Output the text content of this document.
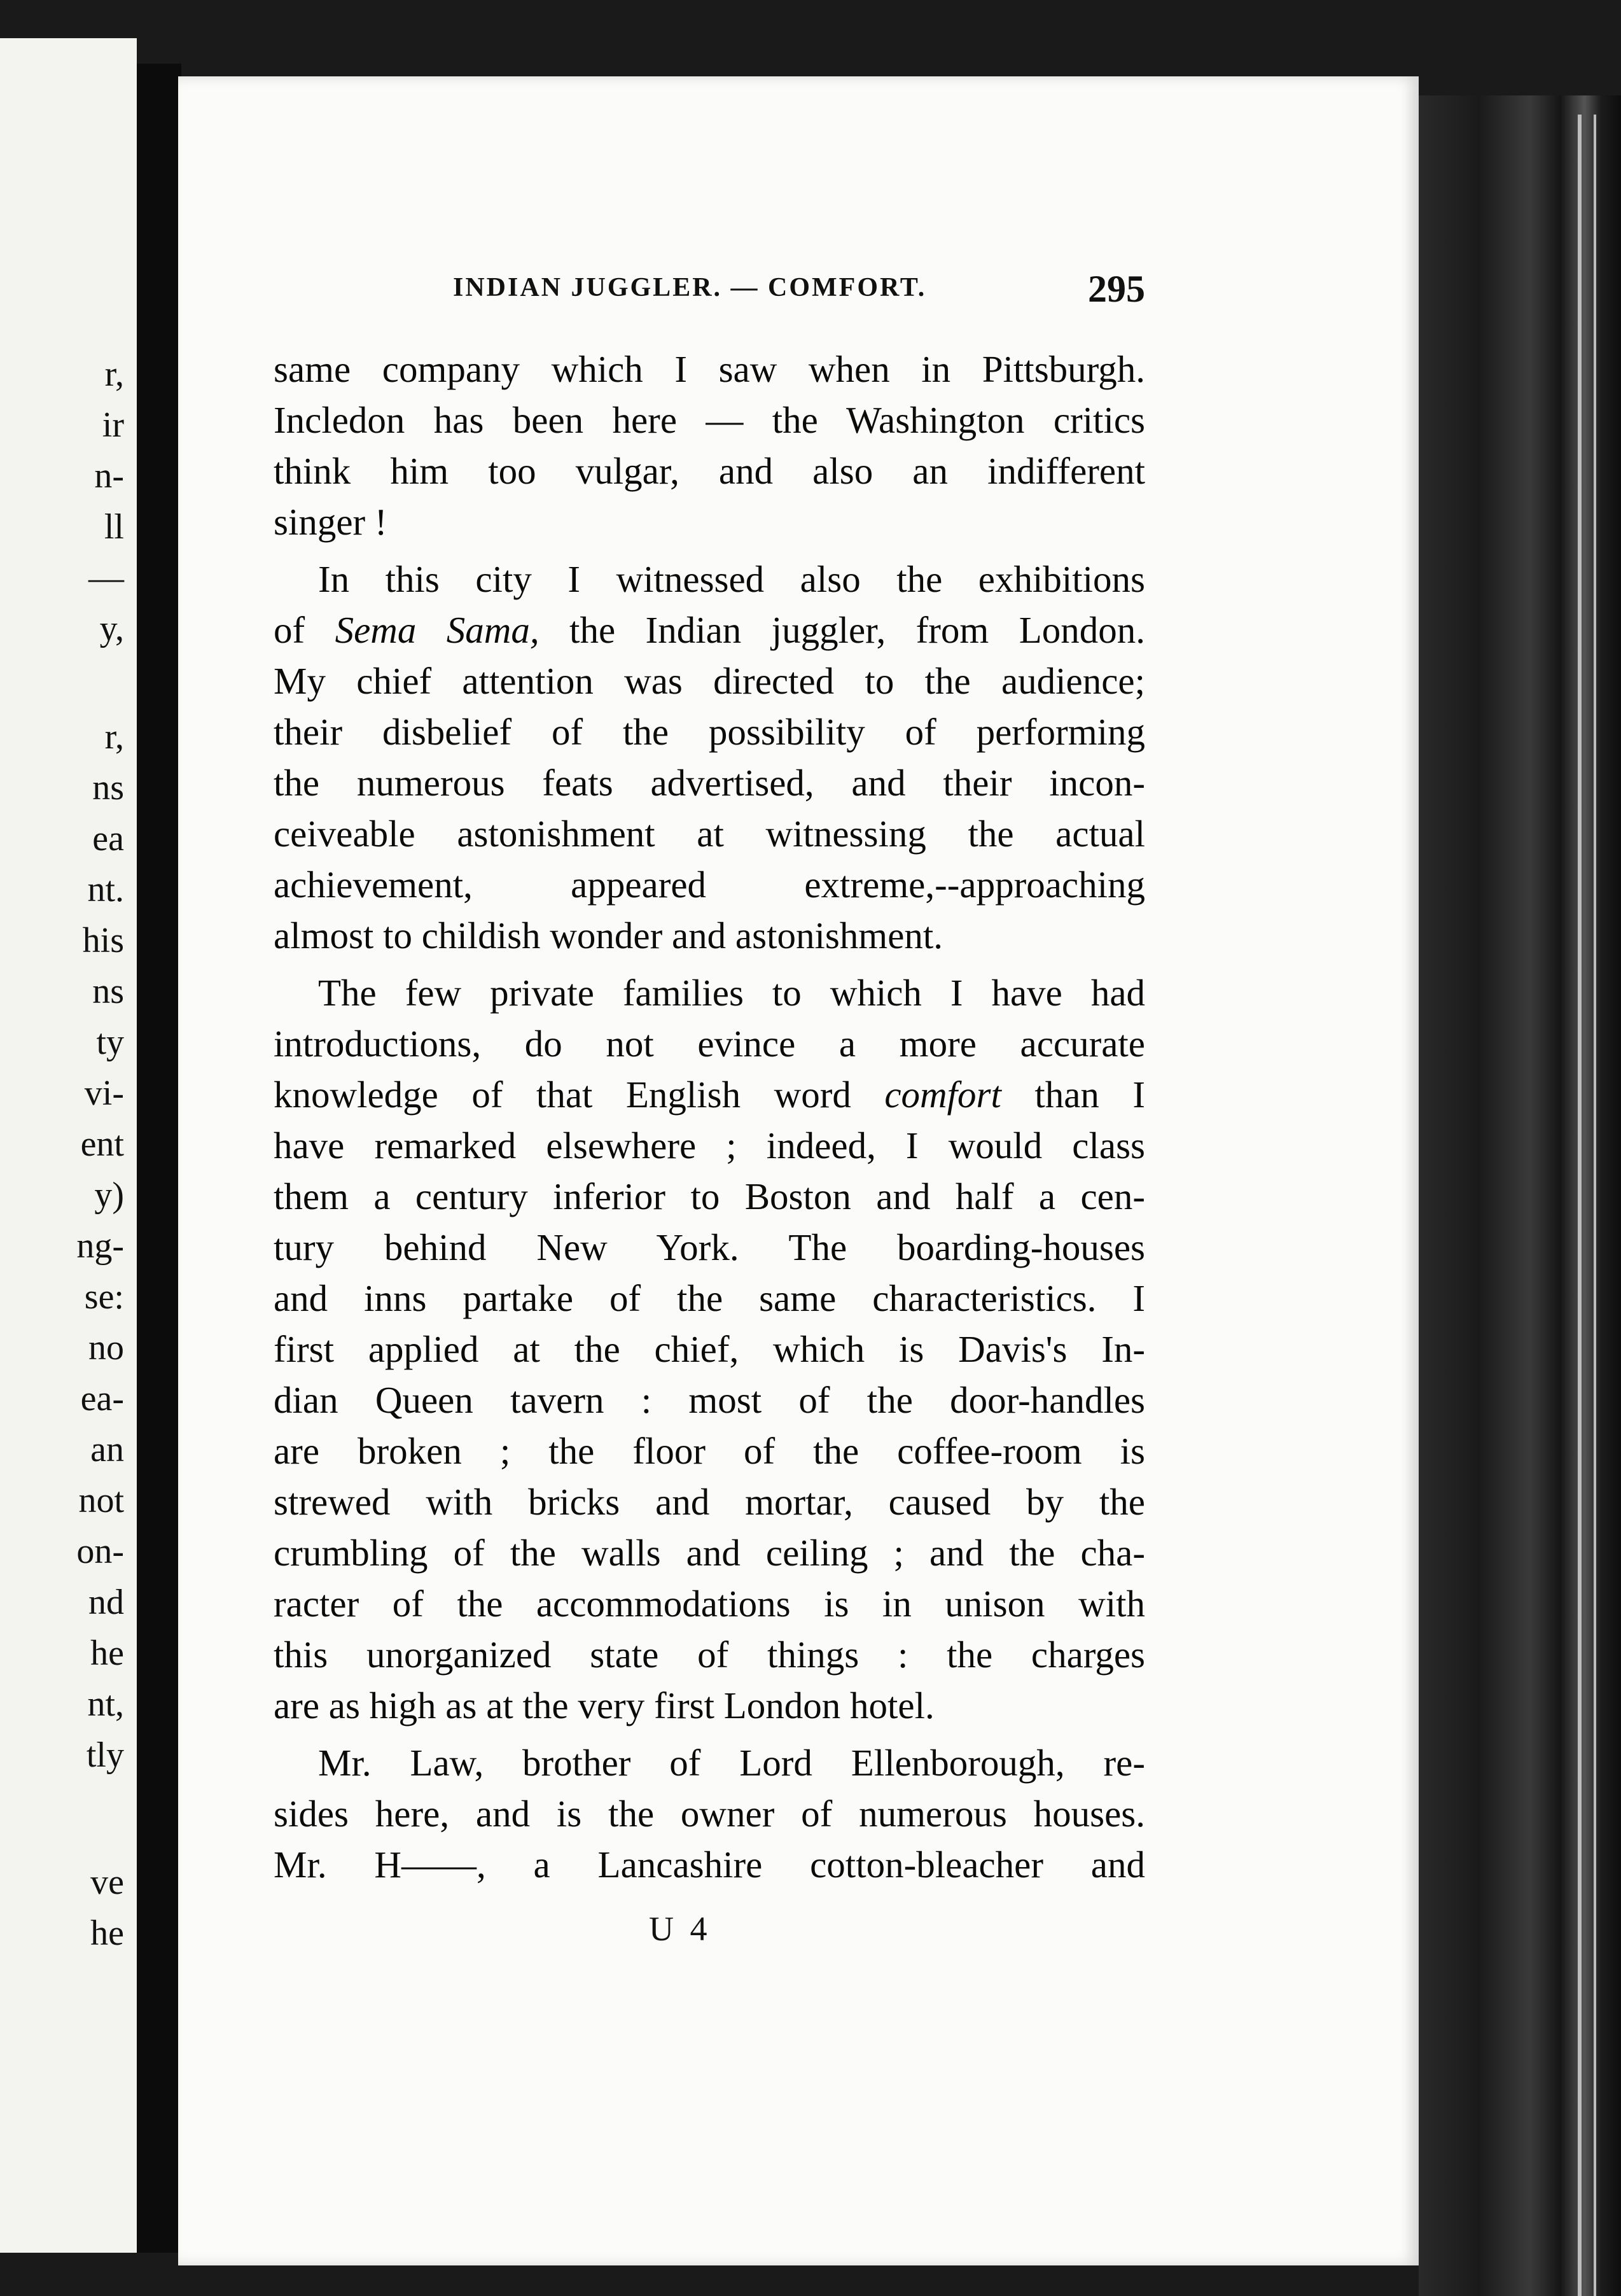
r,
ir
n-
ll
—
y,
r,
ns
ea
nt.
his
ns
ty
vi-
ent
y)
ng-
se:
no
ea-
an
not
on-
nd
he
nt,
tly
ve
he
INDIAN JUGGLER. — COMFORT.	295
same company which I saw when in Pittsburgh.
Incledon has been here — the Washington critics
think him too vulgar, and also an indifferent
singer !
In this city I witnessed also the exhibitions
of Sema Sama, the Indian juggler, from London.
My chief attention was directed to the audience;
their disbelief of the possibility of performing
the numerous feats advertised, and their incon-
ceiveable astonishment at witnessing the actual
achievement, appeared extreme,--approaching
almost to childish wonder and astonishment.
The few private families to which I have had
introductions, do not evince a more accurate
knowledge of that English word comfort than I
have remarked elsewhere ; indeed, I would class
them a century inferior to Boston and half a cen-
tury behind New York. The boarding-houses
and inns partake of the same characteristics. I
first applied at the chief, which is Davis's In-
dian Queen tavern : most of the door-handles
are broken ; the floor of the coffee-room is
strewed with bricks and mortar, caused by the
crumbling of the walls and ceiling ; and the cha-
racter of the accommodations is in unison with
this unorganized state of things : the charges
are as high as at the very first London hotel.
Mr. Law, brother of Lord Ellenborough, re-
sides here, and is the owner of numerous houses.
Mr. H——, a Lancashire cotton-bleacher and
U 4
